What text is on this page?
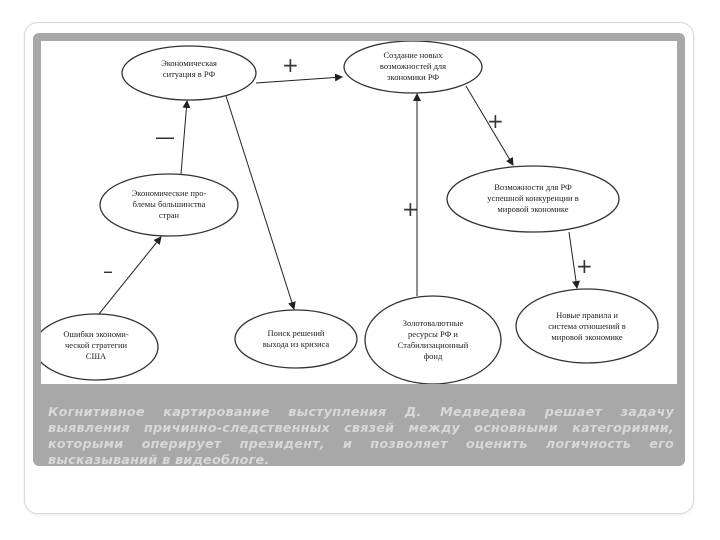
Экономическая
ситуация в РФ
Создание новых
возможностей для
экономики РФ
Возможности для РФ
успешной конкуренции в
мировой экономике
Экономические про-
блемы большинства
стран
Ошибки экономи-
ческой стратегии
США
Поиск решений
выхода из кризиса
Золотовалютные
ресурсы РФ и
Стабилизационный
фонд
Новые правила и
система отношений в
мировой экономике
+
+
+
+
—
–
Когнитивное картирование выступления Д. Медведева решает задачу выявления причинно-следственных связей между основными категориями, которыми оперирует президент, и позволяет оценить логичность его высказываний в видеоблоге.
